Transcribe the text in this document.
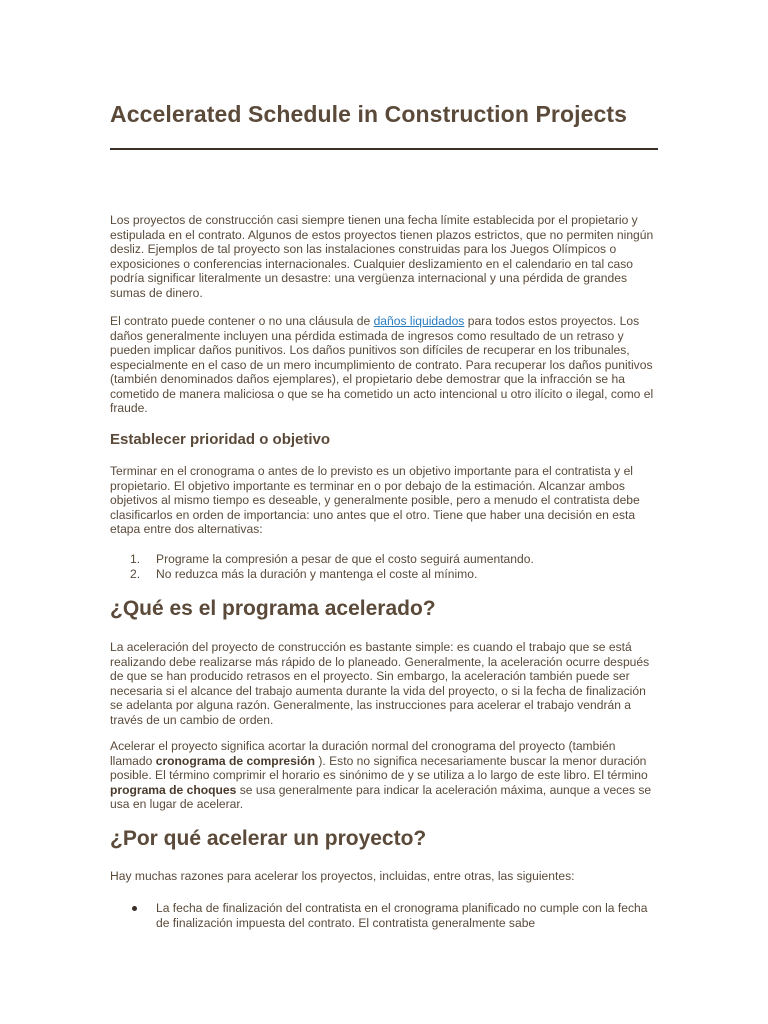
Accelerated Schedule in Construction Projects

Los proyectos de construcción casi siempre tienen una fecha límite establecida por el propietario y estipulada en el contrato. Algunos de estos proyectos tienen plazos estrictos, que no permiten ningún desliz. Ejemplos de tal proyecto son las instalaciones construidas para los Juegos Olímpicos o exposiciones o conferencias internacionales. Cualquier deslizamiento en el calendario en tal caso podría significar literalmente un desastre: una vergüenza internacional y una pérdida de grandes sumas de dinero.

El contrato puede contener o no una cláusula de daños liquidados para todos estos proyectos. Los daños generalmente incluyen una pérdida estimada de ingresos como resultado de un retraso y pueden implicar daños punitivos. Los daños punitivos son difíciles de recuperar en los tribunales, especialmente en el caso de un mero incumplimiento de contrato. Para recuperar los daños punitivos (también denominados daños ejemplares), el propietario debe demostrar que la infracción se ha cometido de manera maliciosa o que se ha cometido un acto intencional u otro ilícito o ilegal, como el fraude.

Establecer prioridad o objetivo

Terminar en el cronograma o antes de lo previsto es un objetivo importante para el contratista y el propietario. El objetivo importante es terminar en o por debajo de la estimación. Alcanzar ambos objetivos al mismo tiempo es deseable, y generalmente posible, pero a menudo el contratista debe clasificarlos en orden de importancia: uno antes que el otro. Tiene que haber una decisión en esta etapa entre dos alternativas:

1.	Programe la compresión a pesar de que el costo seguirá aumentando.
2.	No reduzca más la duración y mantenga el coste al mínimo.
¿Qué es el programa acelerado?

La aceleración del proyecto de construcción es bastante simple: es cuando el trabajo que se está realizando debe realizarse más rápido de lo planeado. Generalmente, la aceleración ocurre después de que se han producido retrasos en el proyecto. Sin embargo, la aceleración también puede ser necesaria si el alcance del trabajo aumenta durante la vida del proyecto, o si la fecha de finalización se adelanta por alguna razón. Generalmente, las instrucciones para acelerar el trabajo vendrán a través de un cambio de orden.

Acelerar el proyecto significa acortar la duración normal del cronograma del proyecto (también llamado cronograma de compresión ). Esto no significa necesariamente buscar la menor duración posible. El término comprimir el horario es sinónimo de y se utiliza a lo largo de este libro. El término programa de choques se usa generalmente para indicar la aceleración máxima, aunque a veces se usa en lugar de acelerar.

¿Por qué acelerar un proyecto?

Hay muchas razones para acelerar los proyectos, incluidas, entre otras, las siguientes:

La fecha de finalización del contratista en el cronograma planificado no cumple con la fecha de finalización impuesta del contrato. El contratista generalmente sabe
